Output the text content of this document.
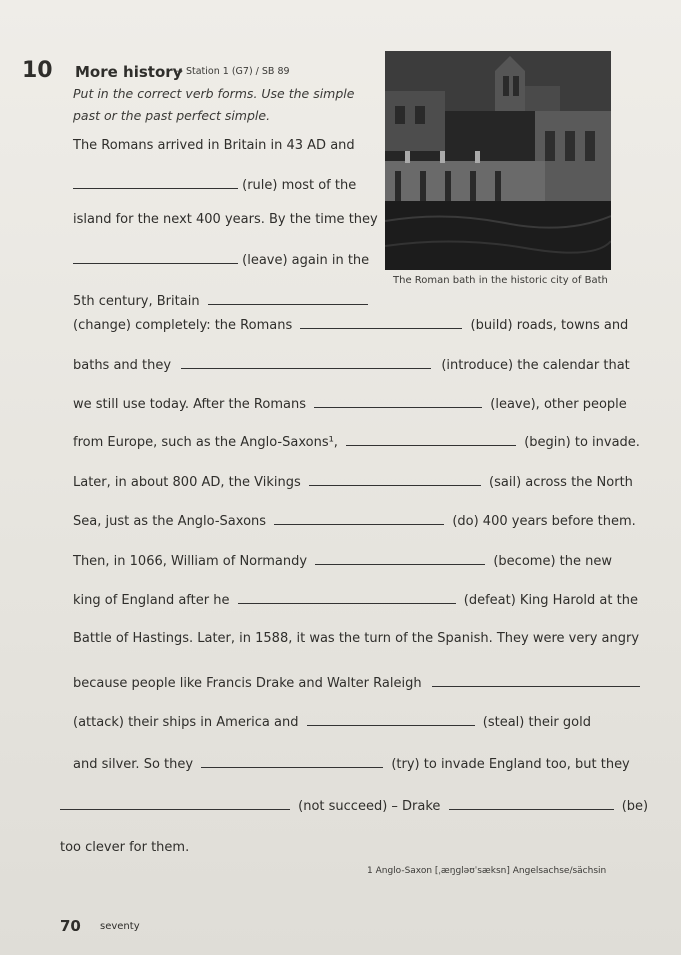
10 More history
→ Station 1 (G7) / SB 89
Put in the correct verb forms. Use the simple
past or the past perfect simple.
The Romans arrived in Britain in 43 AD and
(rule) most of the
island for the next 400 years. By the time they
(leave) again in the
5th century, Britain
The Roman bath in the historic city of Bath
(change) completely: the Romans	(build) roads, towns and
baths and they	(introduce) the calendar that
we still use today. After the Romans	(leave), other people
from Europe, such as the Anglo-Saxons¹,	(begin) to invade.
Later, in about 800 AD, the Vikings	(sail) across the North
Sea, just as the Anglo-Saxons	(do) 400 years before them.
Then, in 1066, William of Normandy	(become) the new
king of England after he	(defeat) King Harold at the
Battle of Hastings. Later, in 1588, it was the turn of the Spanish. They were very angry
because people like Francis Drake and Walter Raleigh
(attack) their ships in America and	(steal) their gold
and silver. So they	(try) to invade England too, but they
(not succeed) – Drake	(be)
too clever for them.
1 Anglo-Saxon [ˌæŋɡləʊˈsæksn] Angelsachse/sächsin
70 seventy
